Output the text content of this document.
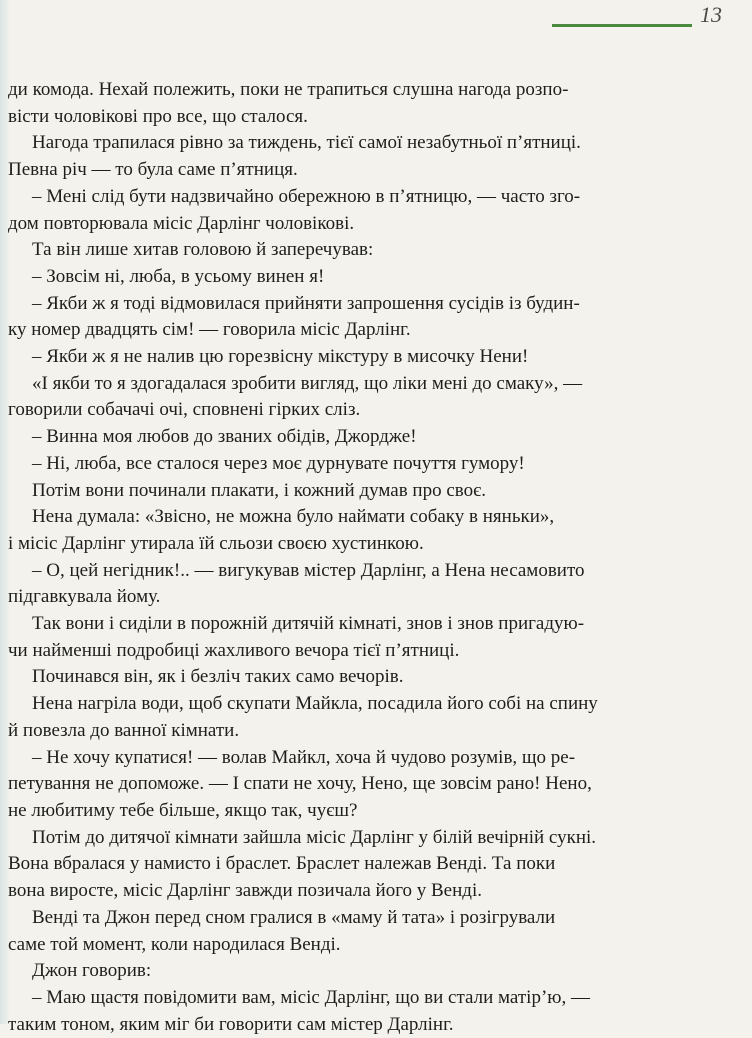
13
ди комода. Нехай полежить, поки не трапиться слушна нагода розпо-
вісти чоловікові про все, що сталося.
Нагода трапилася рівно за тиждень, тієї самої незабутньої п’ятниці.
Певна річ — то була саме п’ятниця.
– Мені слід бути надзвичайно обережною в п’ятницю, — часто зго-
дом повторювала місіс Дарлінг чоловікові.
Та він лише хитав головою й заперечував:
– Зовсім ні, люба, в усьому винен я!
– Якби ж я тоді відмовилася прийняти запрошення сусідів із будин-
ку номер двадцять сім! — говорила місіс Дарлінг.
– Якби ж я не налив цю горезвісну мікстуру в мисочку Нени!
«І якби то я здогадалася зробити вигляд, що ліки мені до смаку», —
говорили собачачі очі, сповнені гірких сліз.
– Винна моя любов до званих обідів, Джордже!
– Ні, люба, все сталося через моє дурнувате почуття гумору!
Потім вони починали плакати, і кожний думав про своє.
Нена думала: «Звісно, не можна було наймати собаку в няньки»,
і місіс Дарлінг утирала їй сльози своєю хустинкою.
– О, цей негідник!.. — вигукував містер Дарлінг, а Нена несамовито
підгавкувала йому.
Так вони і сиділи в порожній дитячій кімнаті, знов і знов пригадую-
чи найменші подробиці жахливого вечора тієї п’ятниці.
Починався він, як і безліч таких само вечорів.
Нена нагріла води, щоб скупати Майкла, посадила його собі на спину
й повезла до ванної кімнати.
– Не хочу купатися! — волав Майкл, хоча й чудово розумів, що ре-
петування не допоможе. — І спати не хочу, Нено, ще зовсім рано! Нено,
не любитиму тебе більше, якщо так, чуєш?
Потім до дитячої кімнати зайшла місіс Дарлінг у білій вечірній сукні.
Вона вбралася у намисто і браслет. Браслет належав Венді. Та поки
вона виросте, місіс Дарлінг завжди позичала його у Венді.
Венді та Джон перед сном гралися в «маму й тата» і розігрували
саме той момент, коли народилася Венді.
Джон говорив:
– Маю щастя повідомити вам, місіс Дарлінг, що ви стали матір’ю, —
таким тоном, яким міг би говорити сам містер Дарлінг.
